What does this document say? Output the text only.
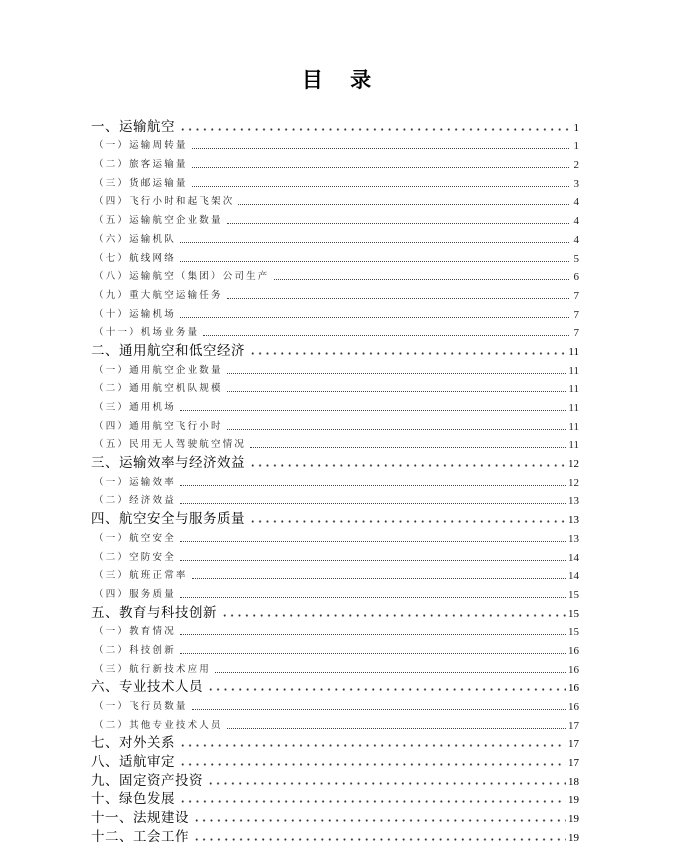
目 录
一、运输航空	1
（一）运输周转量	1
（二）旅客运输量	2
（三）货邮运输量	3
（四）飞行小时和起飞架次	4
（五）运输航空企业数量	4
（六）运输机队	4
（七）航线网络	5
（八）运输航空（集团）公司生产	6
（九）重大航空运输任务	7
（十）运输机场	7
（十一）机场业务量	7
二、通用航空和低空经济	11
（一）通用航空企业数量	11
（二）通用航空机队规模	11
（三）通用机场	11
（四）通用航空飞行小时	11
（五）民用无人驾驶航空情况	11
三、运输效率与经济效益	12
（一）运输效率	12
（二）经济效益	13
四、航空安全与服务质量	13
（一）航空安全	13
（二）空防安全	14
（三）航班正常率	14
（四）服务质量	15
五、教育与科技创新	15
（一）教育情况	15
（二）科技创新	16
（三）航行新技术应用	16
六、专业技术人员	16
（一）飞行员数量	16
（二）其他专业技术人员	17
七、对外关系	17
八、适航审定	17
九、固定资产投资	18
十、绿色发展	19
十一、法规建设	19
十二、工会工作	19
